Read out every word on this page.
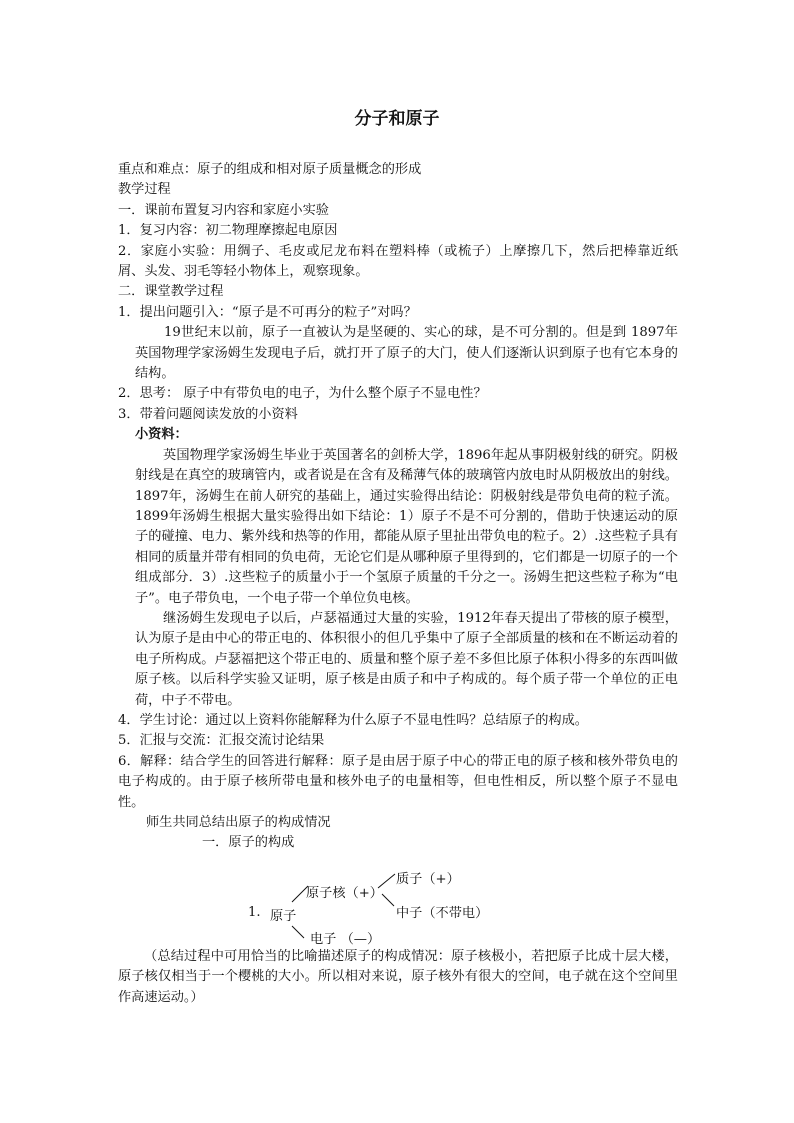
分子和原子

重点和难点：原子的组成和相对原子质量概念的形成

教学过程

一．课前布置复习内容和家庭小实验

1．复习内容：初二物理摩擦起电原因

2．家庭小实验：用绸子、毛皮或尼龙布料在塑料棒（或梳子）上摩擦几下，然后把棒靠近纸屑、头发、羽毛等轻小物体上，观察现象。

二．课堂教学过程

1．提出问题引入：“原子是不可再分的粒子”对吗？

19世纪末以前，原子一直被认为是坚硬的、实心的球，是不可分割的。但是到 1897年英国物理学家汤姆生发现电子后，就打开了原子的大门，使人们逐渐认识到原子也有它本身的结构。

2．思考： 原子中有带负电的电子，为什么整个原子不显电性？

3．带着问题阅读发放的小资料

小资料：

英国物理学家汤姆生毕业于英国著名的剑桥大学，1896年起从事阴极射线的研究。阴极射线是在真空的玻璃管内，或者说是在含有及稀薄气体的玻璃管内放电时从阴极放出的射线。1897年，汤姆生在前人研究的基础上，通过实验得出结论：阴极射线是带负电荷的粒子流。1899年汤姆生根据大量实验得出如下结论：1）原子不是不可分割的，借助于快速运动的原子的碰撞、电力、紫外线和热等的作用，都能从原子里扯出带负电的粒子。2）.这些粒子具有相同的质量并带有相同的负电荷，无论它们是从哪种原子里得到的，它们都是一切原子的一个组成部分．3）.这些粒子的质量小于一个氢原子质量的千分之一。汤姆生把这些粒子称为“电子”。电子带负电，一个电子带一个单位负电核。

继汤姆生发现电子以后，卢瑟福通过大量的实验，1912年春天提出了带核的原子模型，认为原子是由中心的带正电的、体积很小的但几乎集中了原子全部质量的核和在不断运动着的电子所构成。卢瑟福把这个带正电的、质量和整个原子差不多但比原子体积小得多的东西叫做原子核。以后科学实验又证明，原子核是由质子和中子构成的。每个质子带一个单位的正电荷，中子不带电。

4．学生讨论：通过以上资料你能解释为什么原子不显电性吗？总结原子的构成。

5．汇报与交流：汇报交流讨论结果

6．解释：结合学生的回答进行解释：原子是由居于原子中心的带正电的原子核和核外带负电的电子构成的。由于原子核所带电量和核外电子的电量相等，但电性相反，所以整个原子不显电性。

师生共同总结出原子的构成情况

一．原子的构成

1. 原子
原子核（+）
质子（+）
中子（不带电）
电子 （—）
（总结过程中可用恰当的比喻描述原子的构成情况：原子核极小，若把原子比成十层大楼，原子核仅相当于一个樱桃的大小。所以相对来说，原子核外有很大的空间，电子就在这个空间里作高速运动。）
